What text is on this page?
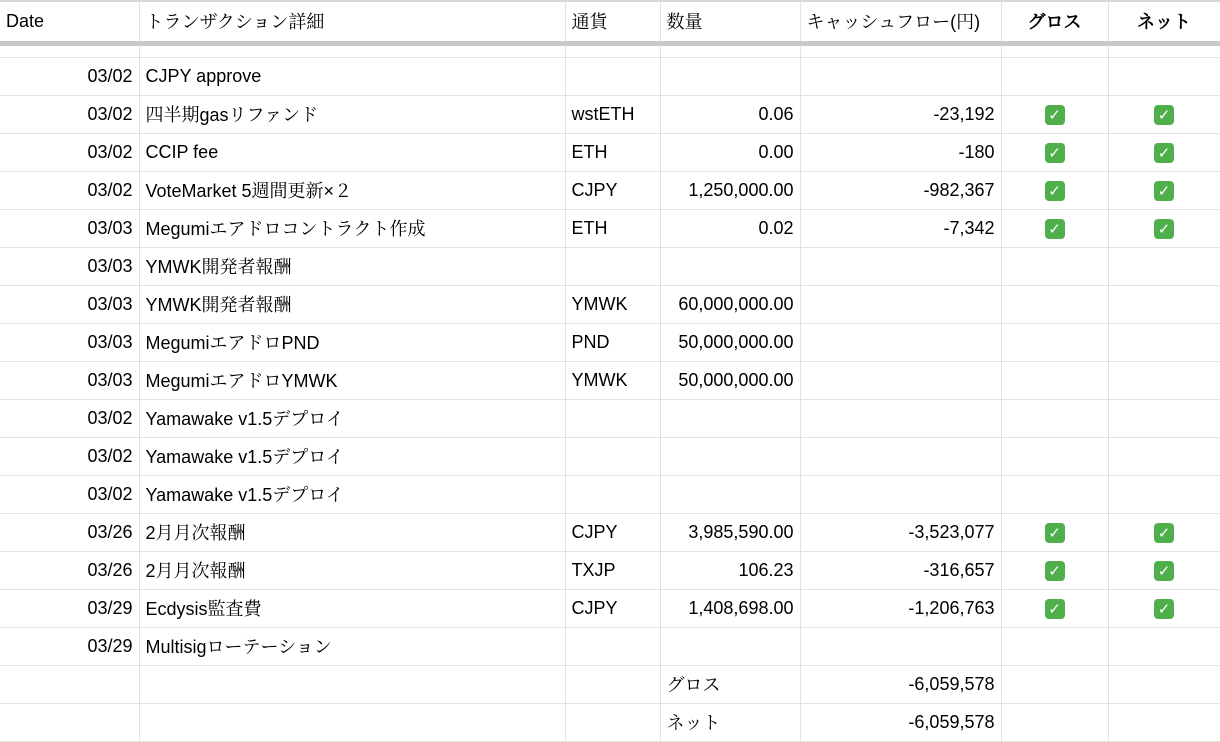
Date	トランザクション詳細	通貨	数量	キャッシュフロー(円)	グロス	ネット

03/02	CJPY approve					
03/02	四半期gasリファンド	wstETH	0.06	-23,192	✓	✓
03/02	CCIP fee	ETH	0.00	-180	✓	✓
03/02	VoteMarket 5週間更新×２	CJPY	1,250,000.00	-982,367	✓	✓
03/03	Megumiエアドロコントラクト作成	ETH	0.02	-7,342	✓	✓
03/03	YMWK開発者報酬					
03/03	YMWK開発者報酬	YMWK	60,000,000.00			
03/03	MegumiエアドロPND	PND	50,000,000.00			
03/03	MegumiエアドロYMWK	YMWK	50,000,000.00			
03/02	Yamawake v1.5デプロイ					
03/02	Yamawake v1.5デプロイ					
03/02	Yamawake v1.5デプロイ					
03/26	2月月次報酬	CJPY	3,985,590.00	-3,523,077	✓	✓
03/26	2月月次報酬	TXJP	106.23	-316,657	✓	✓
03/29	Ecdysis監査費	CJPY	1,408,698.00	-1,206,763	✓	✓
03/29	Multisigローテーション					
			グロス	-6,059,578		
			ネット	-6,059,578		
